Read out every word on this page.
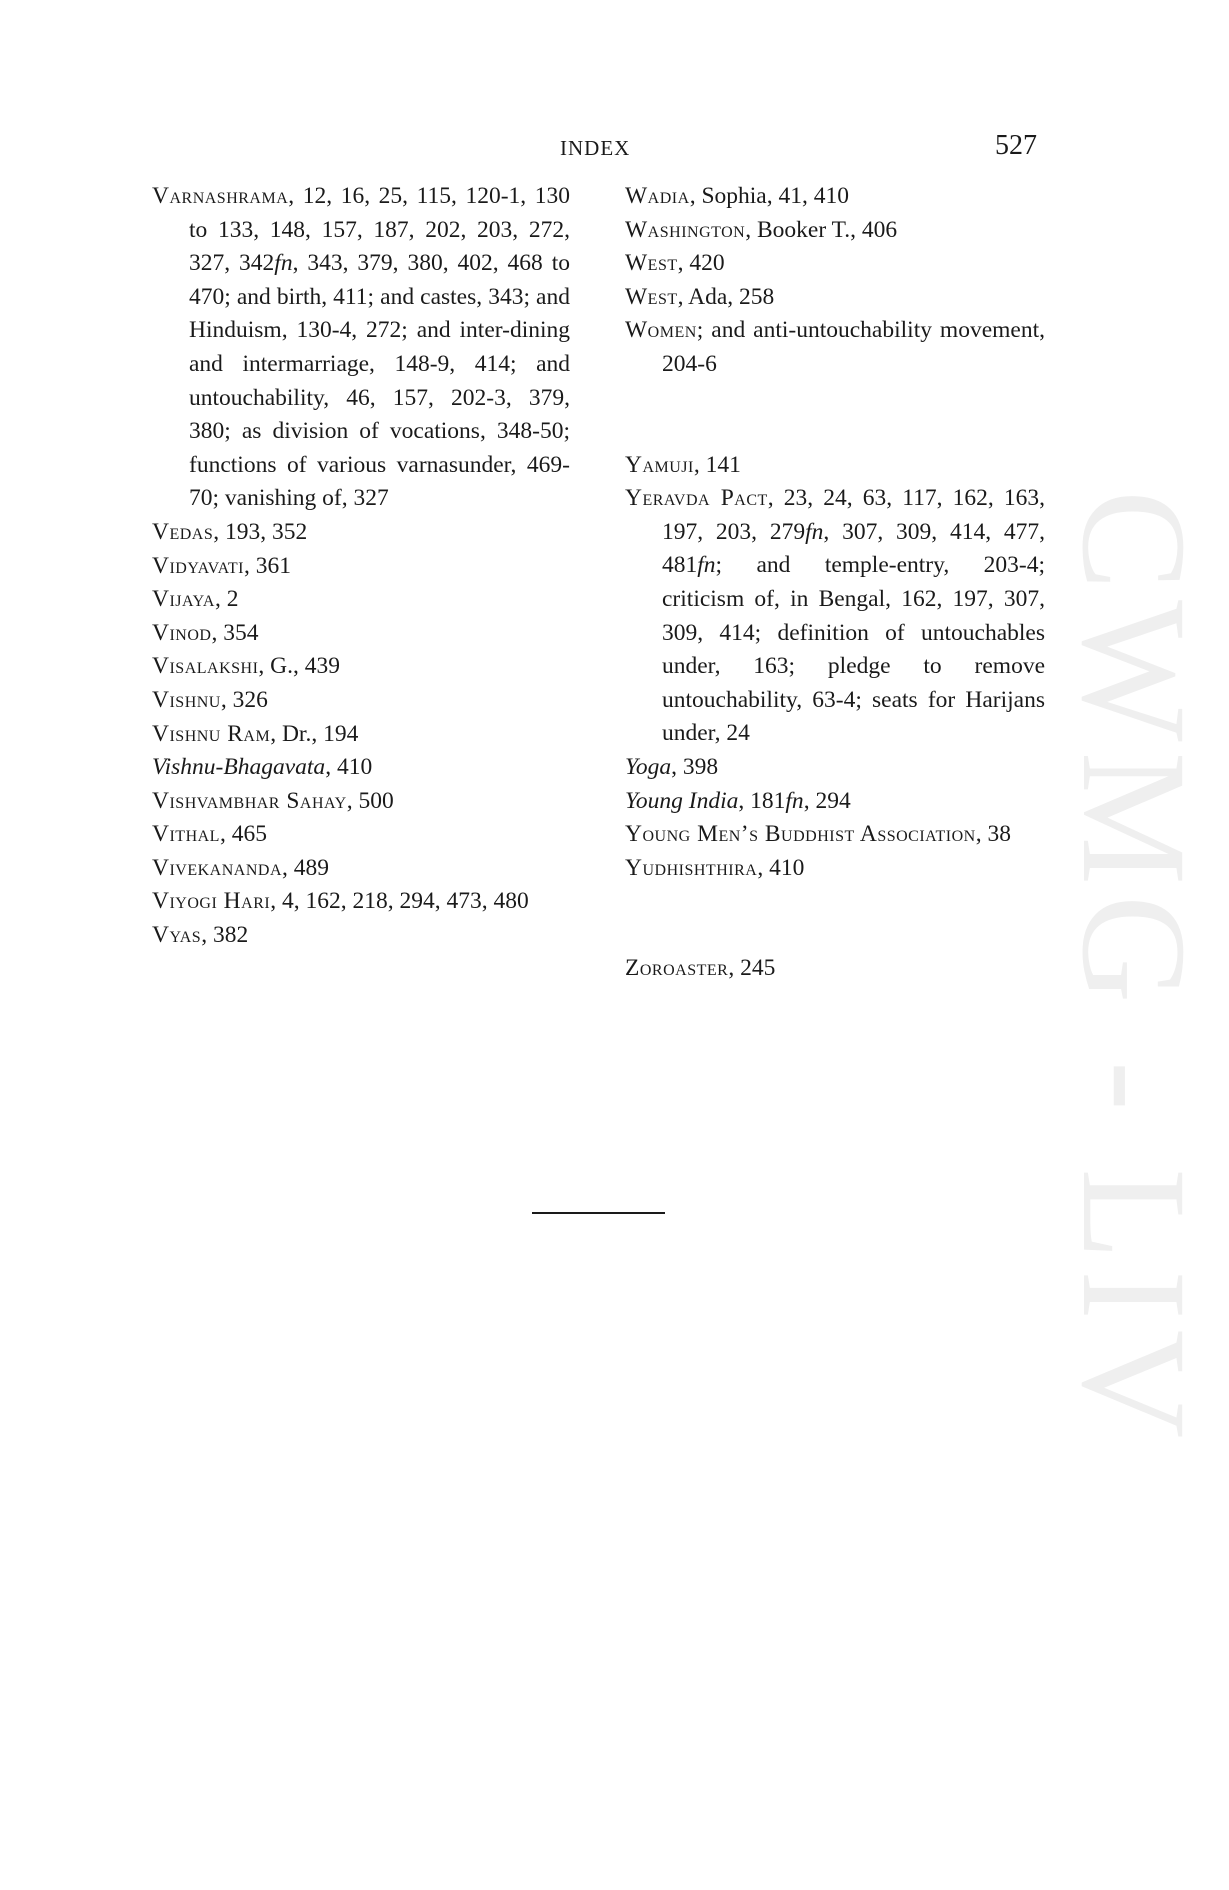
CWMG - LIV
INDEX	527

Varnashrama, 12, 16, 25, 115, 120-1, 130 to 133, 148, 157, 187, 202, 203, 272, 327, 342fn, 343, 379, 380, 402, 468 to 470; and birth, 411; and castes, 343; and Hinduism, 130-4, 272; and inter-dining and intermarriage, 148-9, 414; and untouchability, 46, 157, 202-3, 379, 380; as division of vocations, 348-50; functions of various varnasunder, 469-70; vanishing of, 327

Vedas, 193, 352

Vidyavati, 361

Vijaya, 2

Vinod, 354

Visalakshi, G., 439

Vishnu, 326

Vishnu Ram, Dr., 194

Vishnu-Bhagavata, 410

Vishvambhar Sahay, 500

Vithal, 465

Vivekananda, 489

Viyogi Hari, 4, 162, 218, 294, 473, 480

Vyas, 382

Wadia, Sophia, 41, 410

Washington, Booker T., 406

West, 420

West, Ada, 258

Women; and anti-untouchability movement, 204-6

Yamuji, 141

Yeravda Pact, 23, 24, 63, 117, 162, 163, 197, 203, 279fn, 307, 309, 414, 477, 481fn; and temple-entry, 203-4; criticism of, in Bengal, 162, 197, 307, 309, 414; definition of untouchables under, 163; pledge to remove untouchability, 63-4; seats for Harijans under, 24

Yoga, 398

Young India, 181fn, 294

Young Men’s Buddhist Association, 38

Yudhishthira, 410

Zoroaster, 245
